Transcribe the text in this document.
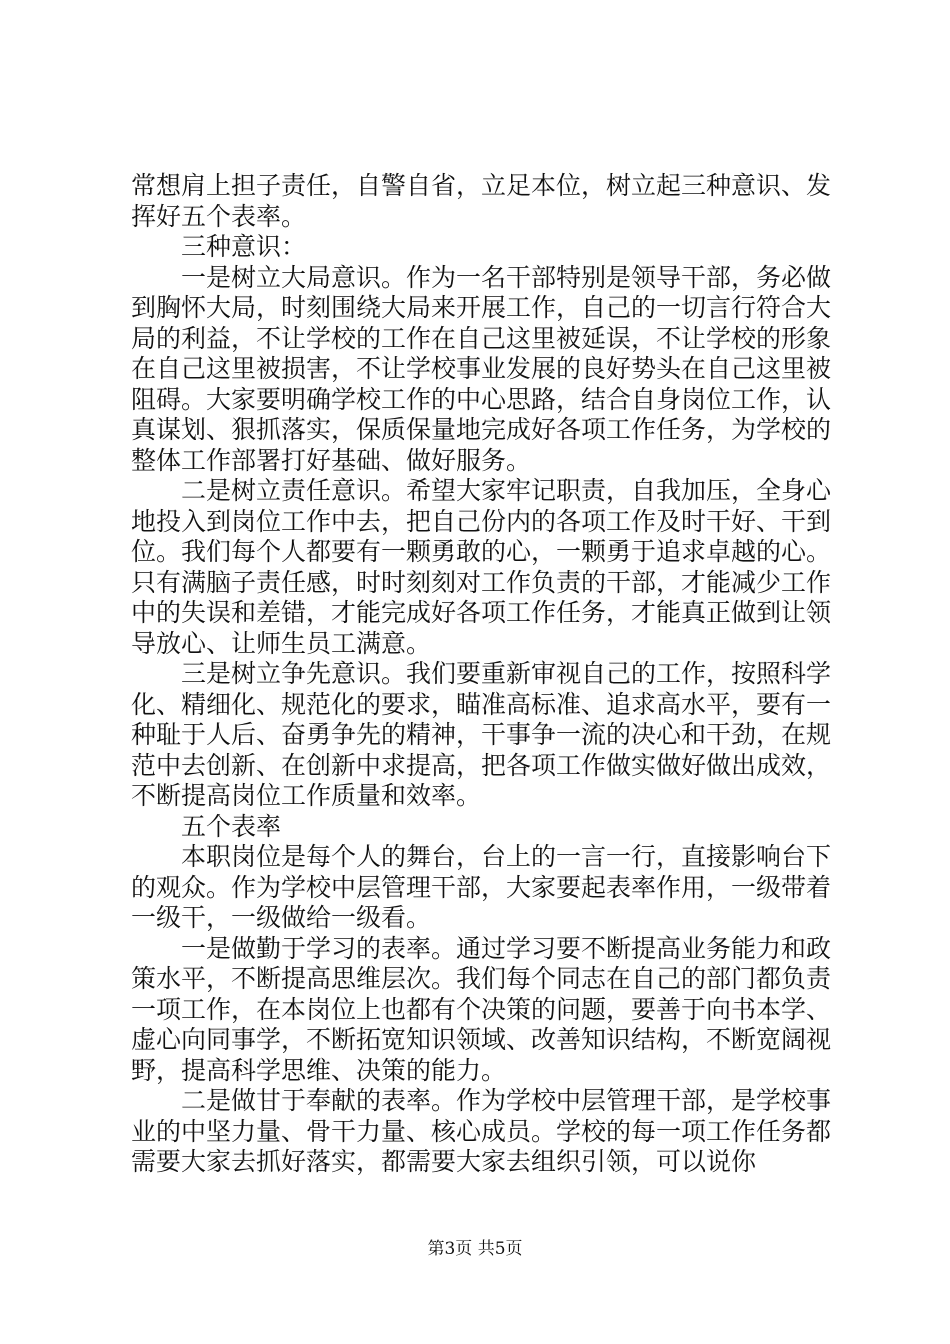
常想肩上担子责任，自警自省，立足本位，树立起三种意识、发挥好五个表率。

三种意识：

一是树立大局意识。作为一名干部特别是领导干部，务必做到胸怀大局，时刻围绕大局来开展工作，自己的一切言行符合大局的利益，不让学校的工作在自己这里被延误，不让学校的形象在自己这里被损害，不让学校事业发展的良好势头在自己这里被阻碍。大家要明确学校工作的中心思路，结合自身岗位工作，认真谋划、狠抓落实，保质保量地完成好各项工作任务，为学校的整体工作部署打好基础、做好服务。

二是树立责任意识。希望大家牢记职责，自我加压，全身心地投入到岗位工作中去，把自己份内的各项工作及时干好、干到位。我们每个人都要有一颗勇敢的心，一颗勇于追求卓越的心。只有满脑子责任感，时时刻刻对工作负责的干部，才能减少工作中的失误和差错，才能完成好各项工作任务，才能真正做到让领导放心、让师生员工满意。

三是树立争先意识。我们要重新审视自己的工作，按照科学化、精细化、规范化的要求，瞄准高标准、追求高水平，要有一种耻于人后、奋勇争先的精神，干事争一流的决心和干劲，在规范中去创新、在创新中求提高，把各项工作做实做好做出成效，不断提高岗位工作质量和效率。

五个表率

本职岗位是每个人的舞台，台上的一言一行，直接影响台下的观众。作为学校中层管理干部，大家要起表率作用，一级带着一级干，一级做给一级看。

一是做勤于学习的表率。通过学习要不断提高业务能力和政策水平，不断提高思维层次。我们每个同志在自己的部门都负责一项工作，在本岗位上也都有个决策的问题，要善于向书本学、虚心向同事学，不断拓宽知识领域、改善知识结构，不断宽阔视野，提高科学思维、决策的能力。

二是做甘于奉献的表率。作为学校中层管理干部，是学校事业的中坚力量、骨干力量、核心成员。学校的每一项工作任务都需要大家去抓好落实，都需要大家去组织引领，可以说你

第3页 共5页
